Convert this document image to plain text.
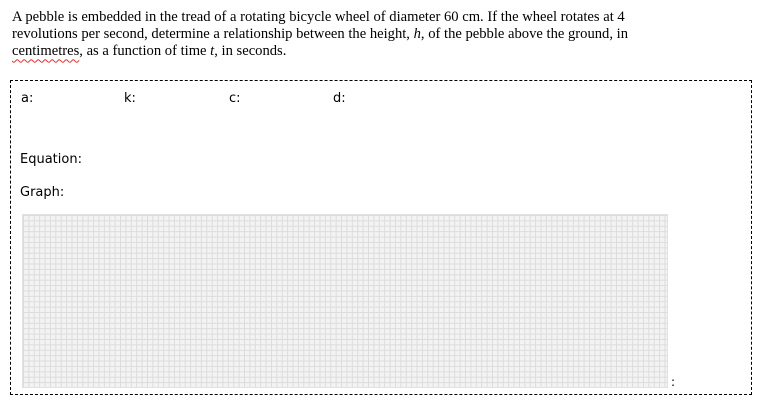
A pebble is embedded in the tread of a rotating bicycle wheel of diameter 60 cm. If the wheel rotates at 4

revolutions per second, determine a relationship between the height, h, of the pebble above the ground, in

centimetres, as a function of time t, in seconds.

a:	k:	c:	d:
Equation:
Graph:
:
